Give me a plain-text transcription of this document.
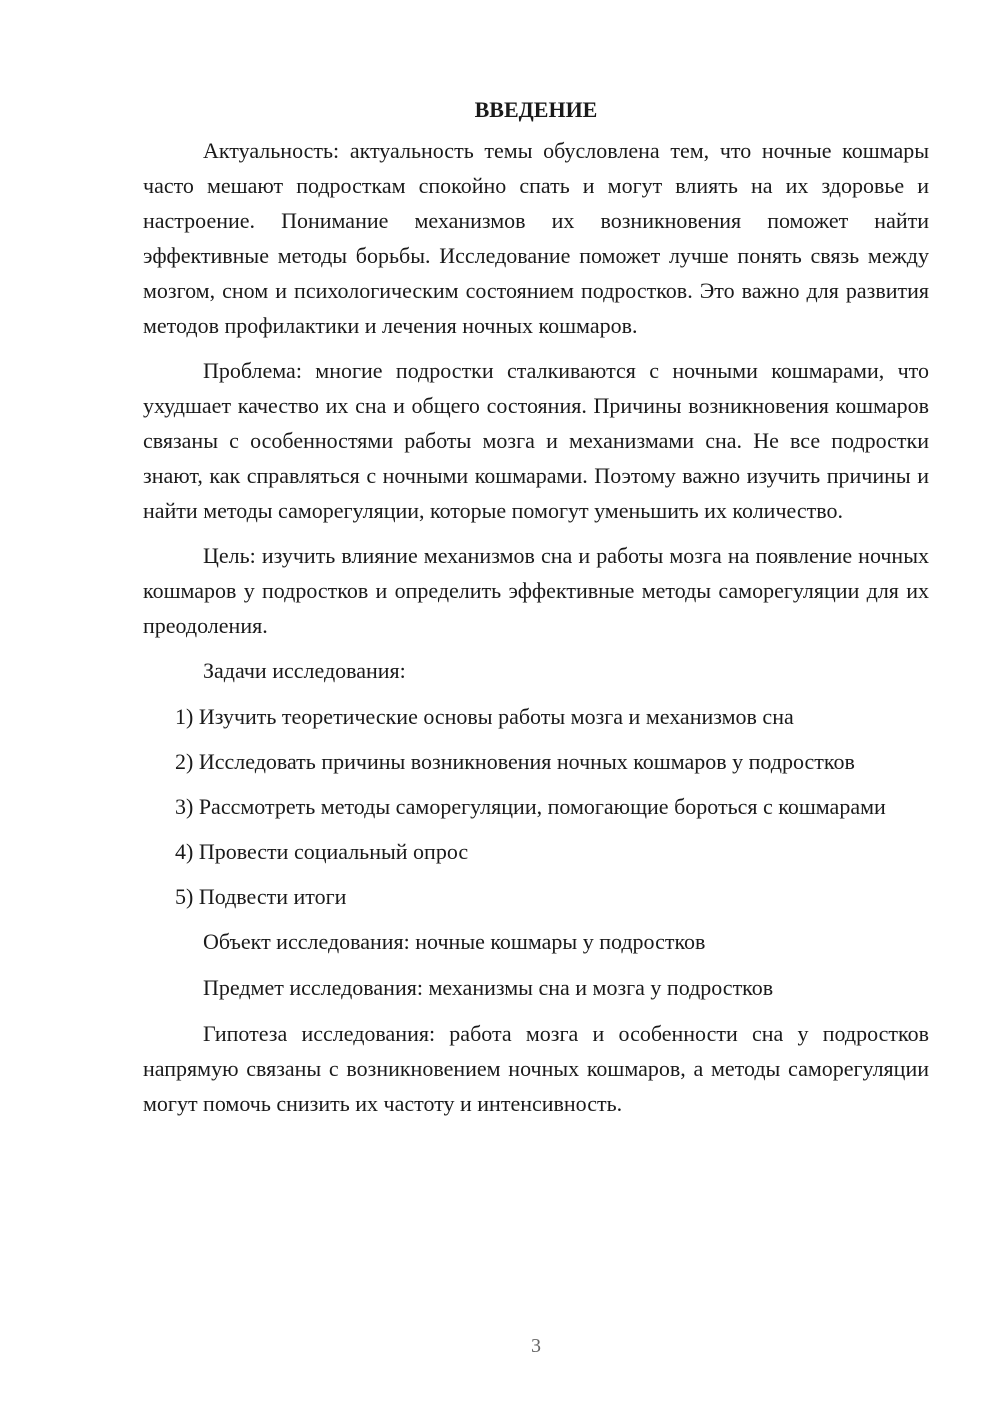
ВВЕДЕНИЕ

Актуальность: актуальность темы обусловлена тем, что ночные кошмары часто мешают подросткам спокойно спать и могут влиять на их здоровье и настроение. Понимание механизмов их возникновения поможет найти эффективные методы борьбы. Исследование поможет лучше понять связь между мозгом, сном и психологическим состоянием подростков. Это важно для развития методов профилактики и лечения ночных кошмаров.

Проблема: многие подростки сталкиваются с ночными кошмарами, что ухудшает качество их сна и общего состояния. Причины возникновения кошмаров связаны с особенностями работы мозга и механизмами сна. Не все подростки знают, как справляться с ночными кошмарами. Поэтому важно изучить причины и найти методы саморегуляции, которые помогут уменьшить их количество.

Цель: изучить влияние механизмов сна и работы мозга на появление ночных кошмаров у подростков и определить эффективные методы саморегуляции для их преодоления.

Задачи исследования:

1) Изучить теоретические основы работы мозга и механизмов сна

2) Исследовать причины возникновения ночных кошмаров у подростков

3) Рассмотреть методы саморегуляции, помогающие бороться с кошмарами

4) Провести социальный опрос

5) Подвести итоги

Объект исследования: ночные кошмары у подростков

Предмет исследования: механизмы сна и мозга у подростков

Гипотеза исследования: работа мозга и особенности сна у подростков напрямую связаны с возникновением ночных кошмаров, а методы саморегуляции могут помочь снизить их частоту и интенсивность.

3
